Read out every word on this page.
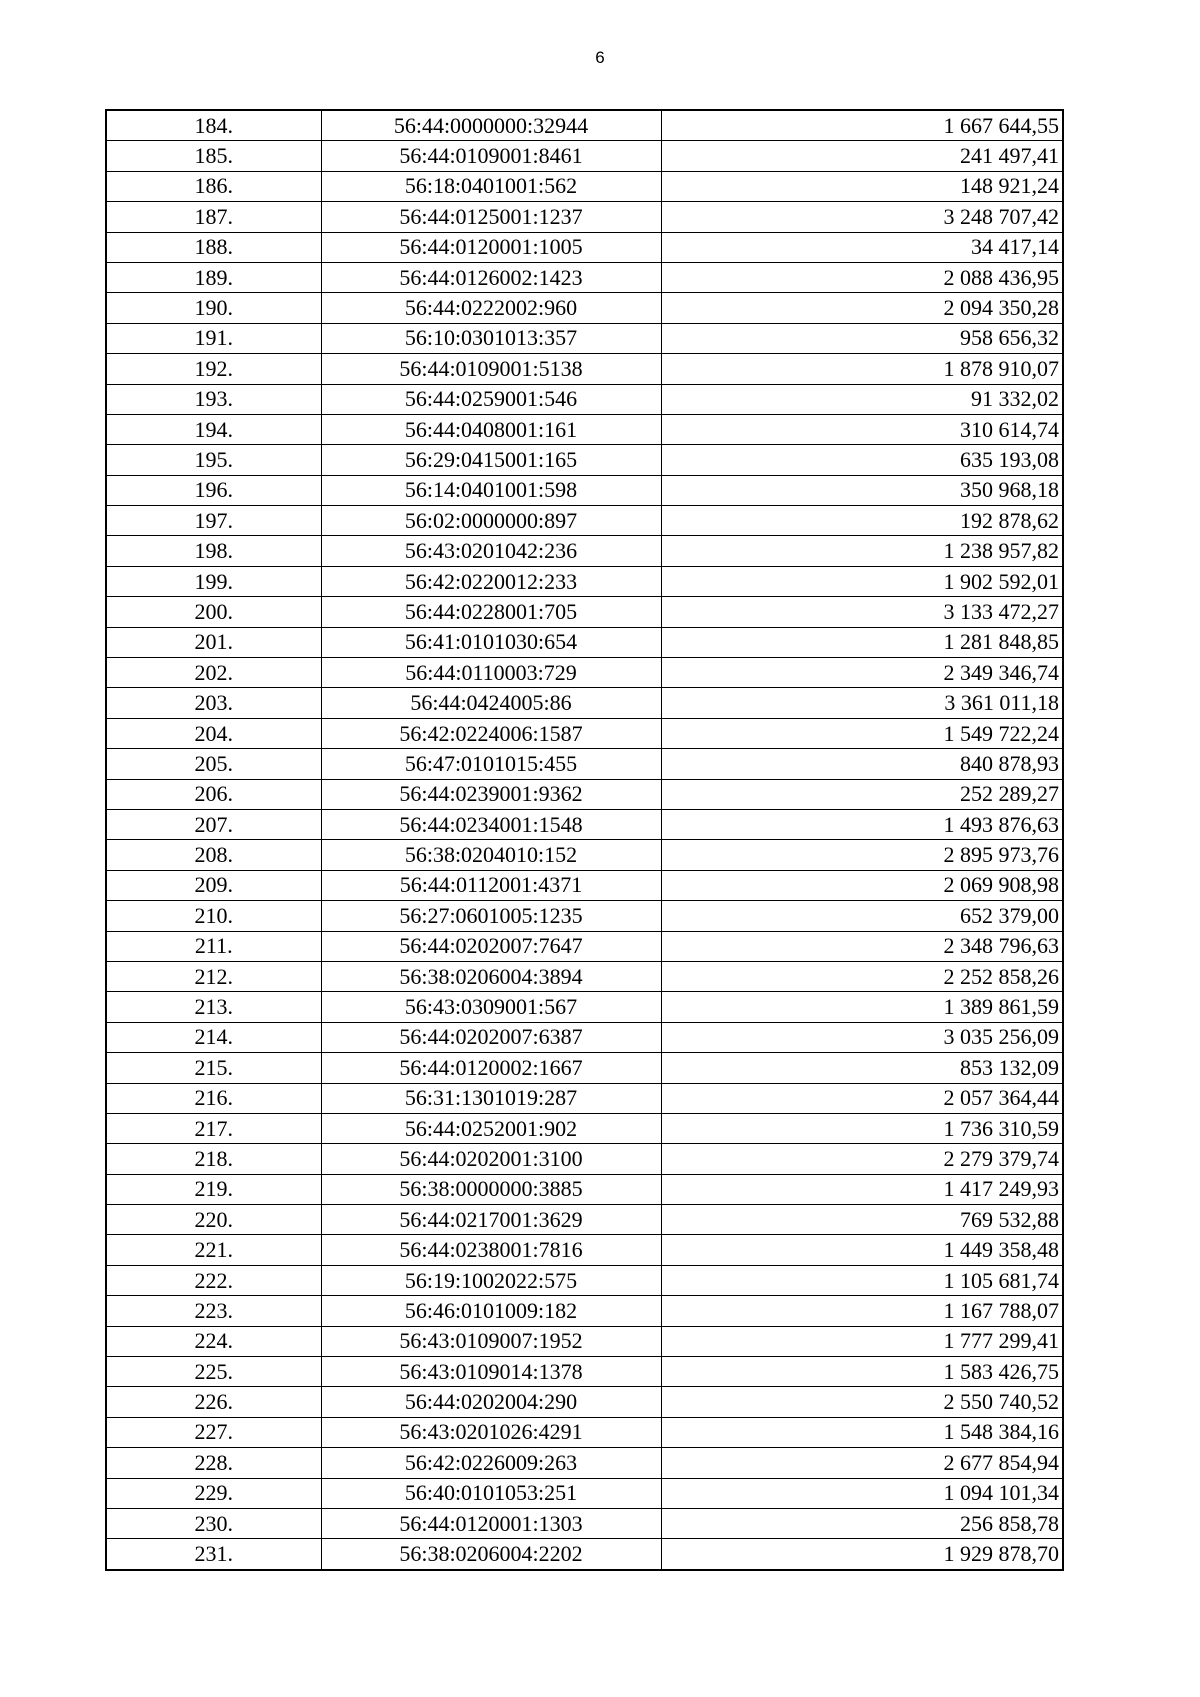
6
184.	56:44:0000000:32944	1 667 644,55
185.	56:44:0109001:8461	241 497,41
186.	56:18:0401001:562	148 921,24
187.	56:44:0125001:1237	3 248 707,42
188.	56:44:0120001:1005	34 417,14
189.	56:44:0126002:1423	2 088 436,95
190.	56:44:0222002:960	2 094 350,28
191.	56:10:0301013:357	958 656,32
192.	56:44:0109001:5138	1 878 910,07
193.	56:44:0259001:546	91 332,02
194.	56:44:0408001:161	310 614,74
195.	56:29:0415001:165	635 193,08
196.	56:14:0401001:598	350 968,18
197.	56:02:0000000:897	192 878,62
198.	56:43:0201042:236	1 238 957,82
199.	56:42:0220012:233	1 902 592,01
200.	56:44:0228001:705	3 133 472,27
201.	56:41:0101030:654	1 281 848,85
202.	56:44:0110003:729	2 349 346,74
203.	56:44:0424005:86	3 361 011,18
204.	56:42:0224006:1587	1 549 722,24
205.	56:47:0101015:455	840 878,93
206.	56:44:0239001:9362	252 289,27
207.	56:44:0234001:1548	1 493 876,63
208.	56:38:0204010:152	2 895 973,76
209.	56:44:0112001:4371	2 069 908,98
210.	56:27:0601005:1235	652 379,00
211.	56:44:0202007:7647	2 348 796,63
212.	56:38:0206004:3894	2 252 858,26
213.	56:43:0309001:567	1 389 861,59
214.	56:44:0202007:6387	3 035 256,09
215.	56:44:0120002:1667	853 132,09
216.	56:31:1301019:287	2 057 364,44
217.	56:44:0252001:902	1 736 310,59
218.	56:44:0202001:3100	2 279 379,74
219.	56:38:0000000:3885	1 417 249,93
220.	56:44:0217001:3629	769 532,88
221.	56:44:0238001:7816	1 449 358,48
222.	56:19:1002022:575	1 105 681,74
223.	56:46:0101009:182	1 167 788,07
224.	56:43:0109007:1952	1 777 299,41
225.	56:43:0109014:1378	1 583 426,75
226.	56:44:0202004:290	2 550 740,52
227.	56:43:0201026:4291	1 548 384,16
228.	56:42:0226009:263	2 677 854,94
229.	56:40:0101053:251	1 094 101,34
230.	56:44:0120001:1303	256 858,78
231.	56:38:0206004:2202	1 929 878,70
